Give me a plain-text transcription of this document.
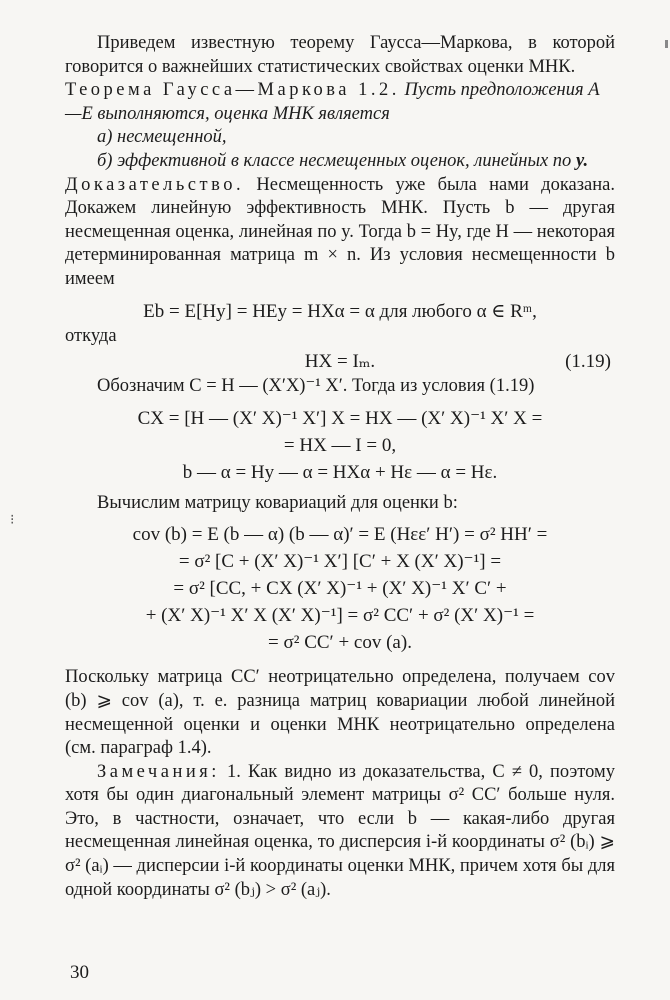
⁝

Приведем известную теорему Гаусса—Маркова, в которой говорится о важнейших статистических свойствах оценки МНК.

Теорема Гаусса—Маркова 1.2. Пусть предположения А—Е выполняются, оценка МНК является

а) несмещенной,

б) эффективной в классе несмещенных оценок, линейных по y.

Доказательство. Несмещенность уже была нами доказана. Докажем линейную эффективность МНК. Пусть b — другая несмещенная оценка, линейная по y. Тогда b = Hy, где H — некоторая детерминированная матрица m × n. Из условия несмещенности b имеем

Eb = E[Hy] = HEy = HXα = α для любого α ∈ Rᵐ,

откуда

HX = Iₘ.	(1.19)

Обозначим C = H — (X′X)⁻¹ X′. Тогда из условия (1.19)

CX = [H — (X′ X)⁻¹ X′] X = HX — (X′ X)⁻¹ X′ X =

= HX — I = 0,

b — α = Hy — α = HXα + Hε — α = Hε.

Вычислим матрицу ковариаций для оценки b:

cov (b) = E (b — α) (b — α)′ = E (Hεε′ H′) = σ² HH′ =

= σ² [C + (X′ X)⁻¹ X′] [C′ + X (X′ X)⁻¹] =

= σ² [CC, + CX (X′ X)⁻¹ + (X′ X)⁻¹ X′ C′ +

+ (X′ X)⁻¹ X′ X (X′ X)⁻¹] = σ² CC′ + σ² (X′ X)⁻¹ =

= σ² CC′ + cov (a).

Поскольку матрица CC′ неотрицательно определена, получаем cov (b) ⩾ cov (a), т. е. разница матриц ковариации любой линейной несмещенной оценки и оценки МНК неотрицательно определена (см. параграф 1.4).

Замечания: 1. Как видно из доказательства, C ≠ 0, поэтому хотя бы один диагональный элемент матрицы σ² CC′ больше нуля. Это, в частности, означает, что если b — какая-либо другая несмещенная линейная оценка, то дисперсия i-й координаты σ² (bᵢ) ⩾ σ² (aᵢ) — дисперсии i-й координаты оценки МНК, причем хотя бы для одной координаты σ² (bⱼ) > σ² (aⱼ).

30
